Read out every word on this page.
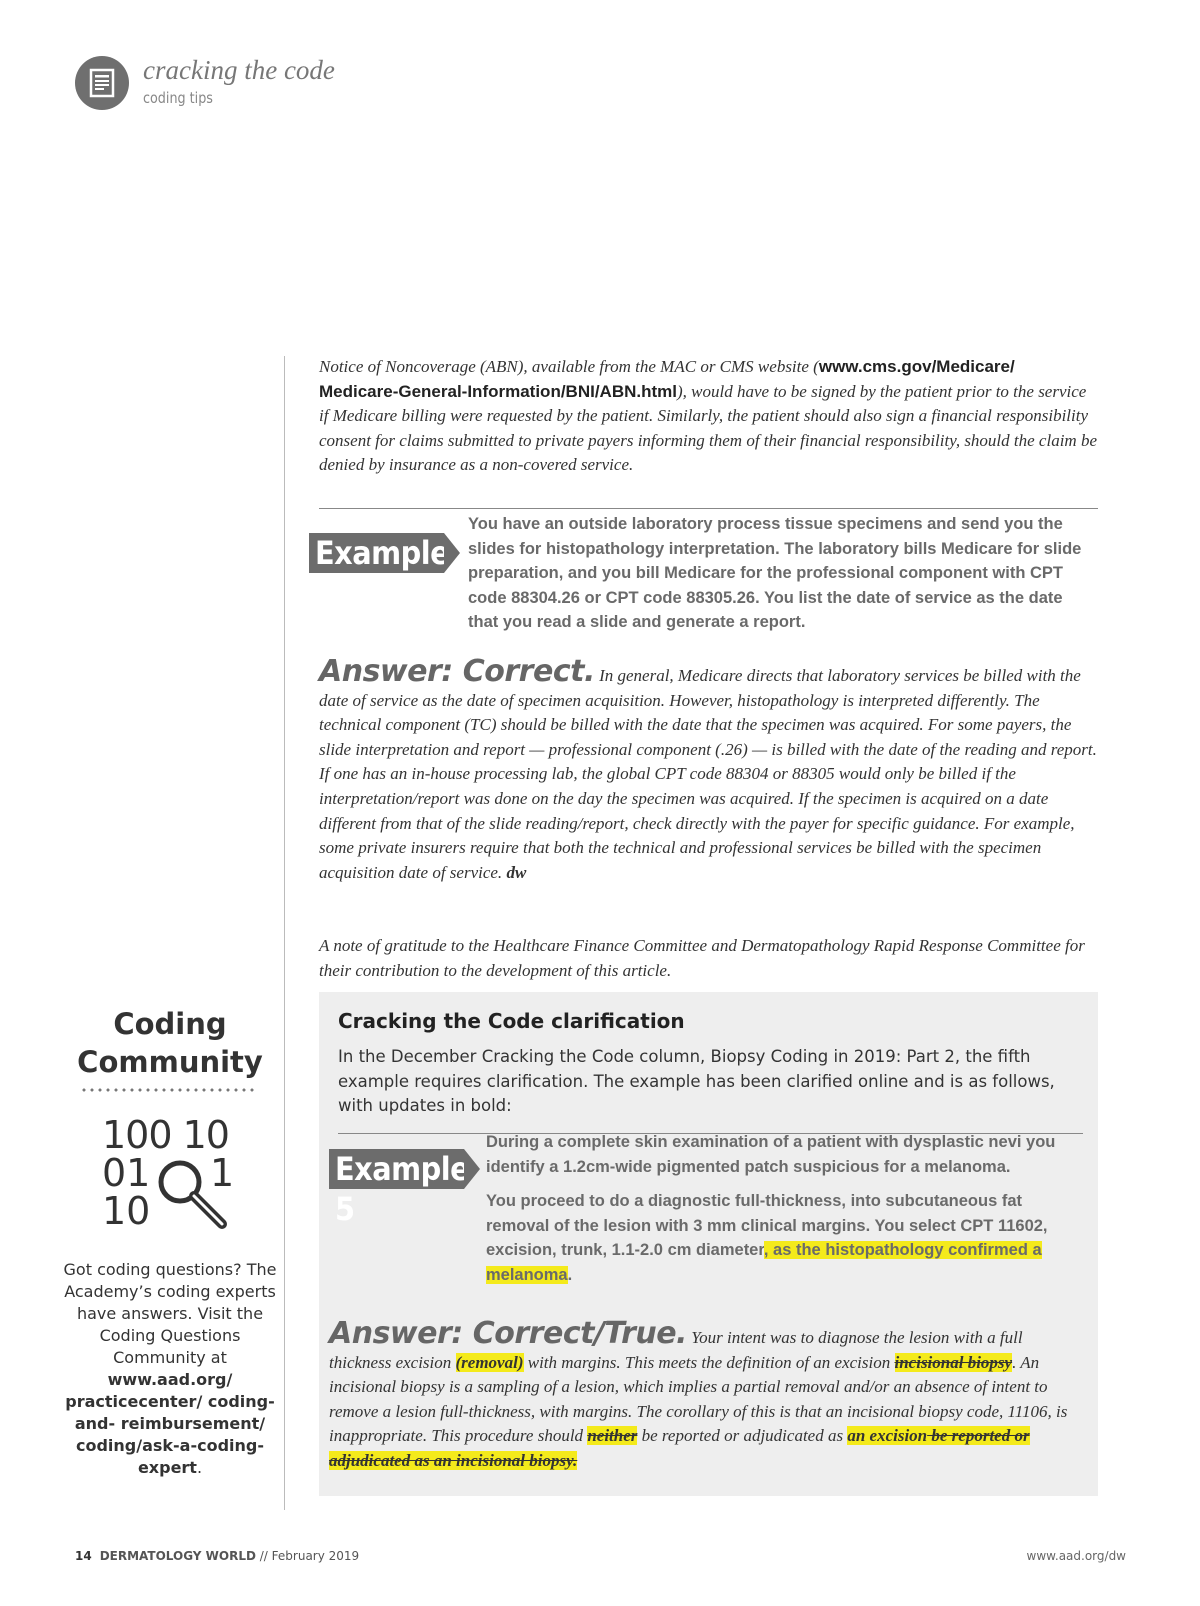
cracking the code
coding tips
Notice of Noncoverage (ABN), available from the MAC or CMS website (www.cms.gov/Medicare/
Medicare-General-Information/BNI/ABN.html), would have to be signed by the patient prior to the service if Medicare billing were requested by the patient. Similarly, the patient should also sign a financial responsibility consent for claims submitted to private payers informing them of their financial responsibility, should the claim be denied by insurance as a non-covered service.
Example 2
You have an outside laboratory process tissue specimens and send you the slides for histopathology interpretation. The laboratory bills Medicare for slide preparation, and you bill Medicare for the professional component with CPT code 88304.26 or CPT code 88305.26. You list the date of service as the date that you read a slide and generate a report.
Answer: Correct. In general, Medicare directs that laboratory services be billed with the date of service as the date of specimen acquisition. However, histopathology is interpreted differently. The technical component (TC) should be billed with the date that the specimen was acquired. For some payers, the slide interpretation and report — professional component (.26) — is billed with the date of the reading and report. If one has an in-house processing lab, the global CPT code 88304 or 88305 would only be billed if the interpretation/report was done on the day the specimen was acquired. If the specimen is acquired on a date different from that of the slide reading/report, check directly with the payer for specific guidance. For example, some private insurers require that both the technical and professional services be billed with the specimen acquisition date of service. dw
A note of gratitude to the Healthcare Finance Committee and Dermatopathology Rapid Response Committee for their contribution to the development of this article.
Coding
Community
100 10
01 1
10
Got coding questions? The Academy’s coding experts have answers. Visit the Coding Questions Community at www.aad.org/ practicecenter/ coding-and- reimbursement/ coding/ask-a-coding- expert.
Cracking the Code clarification
In the December Cracking the Code column, Biopsy Coding in 2019: Part 2, the fifth example requires clarification. The example has been clarified online and is as follows, with updates in bold:
Example 5
During a complete skin examination of a patient with dysplastic nevi you identify a 1.2cm-wide pigmented patch suspicious for a melanoma.
You proceed to do a diagnostic full-thickness, into subcutaneous fat removal of the lesion with 3 mm clinical margins. You select CPT 11602, excision, trunk, 1.1-2.0 cm diameter, as the histopathology confirmed a melanoma.
Answer: Correct/True. Your intent was to diagnose the lesion with a full thickness excision (removal) with margins. This meets the definition of an excision incisional biopsy. An incisional biopsy is a sampling of a lesion, which implies a partial removal and/or an absence of intent to remove a lesion full-thickness, with margins. The corollary of this is that an incisional biopsy code, 11106, is inappropriate. This procedure should neither be reported or adjudicated as an excision be reported or adjudicated as an incisional biopsy.
14 DERMATOLOGY WORLD // February 2019	www.aad.org/dw
